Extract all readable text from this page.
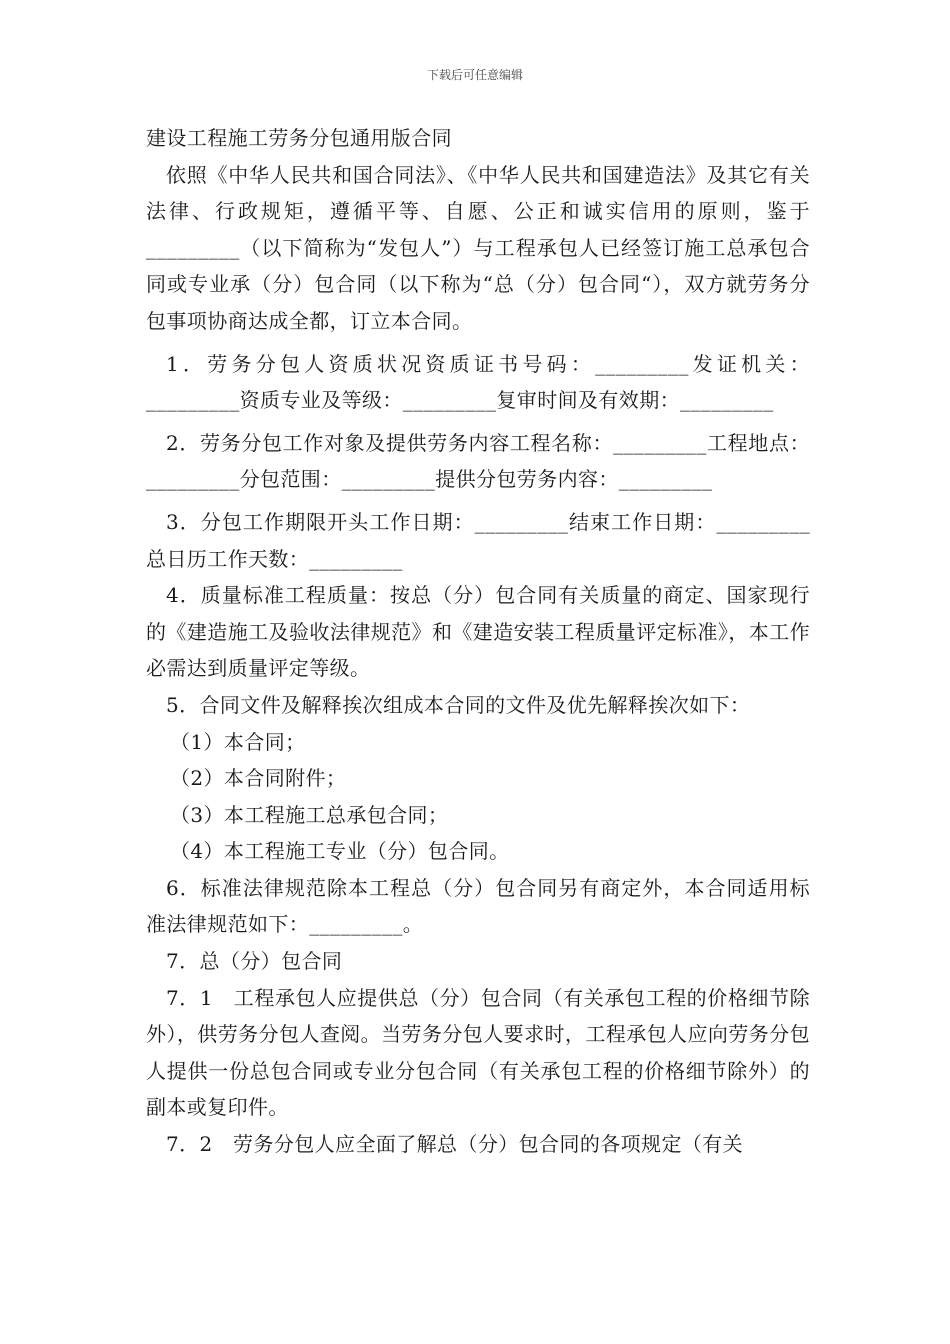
下载后可任意编辑

建设工程施工劳务分包通用版合同

依照《中华人民共和国合同法》、《中华人民共和国建造法》及其它有关法律、行政规矩，遵循平等、自愿、公正和诚实信用的原则，鉴于_________（以下简称为“发包人”）与工程承包人已经签订施工总承包合同或专业承（分）包合同（以下称为“总（分）包合同“），双方就劳务分包事项协商达成全都，订立本合同。

1．劳务分包人资质状况资质证书号码：_________发证机关：_________资质专业及等级：_________复审时间及有效期：_________

2．劳务分包工作对象及提供劳务内容工程名称：_________工程地点：_________分包范围：_________提供分包劳务内容：_________

3．分包工作期限开头工作日期：_________结束工作日期：_________总日历工作天数：_________

4．质量标准工程质量：按总（分）包合同有关质量的商定、国家现行的《建造施工及验收法律规范》和《建造安装工程质量评定标准》，本工作必需达到质量评定等级。

5．合同文件及解释挨次组成本合同的文件及优先解释挨次如下：

（1）本合同；

（2）本合同附件；

（3）本工程施工总承包合同；

（4）本工程施工专业（分）包合同。

6．标准法律规范除本工程总（分）包合同另有商定外，本合同适用标准法律规范如下：_________。

7．总（分）包合同

7．1　工程承包人应提供总（分）包合同（有关承包工程的价格细节除外），供劳务分包人查阅。当劳务分包人要求时，工程承包人应向劳务分包人提供一份总包合同或专业分包合同（有关承包工程的价格细节除外）的副本或复印件。

7．2　劳务分包人应全面了解总（分）包合同的各项规定（有关
